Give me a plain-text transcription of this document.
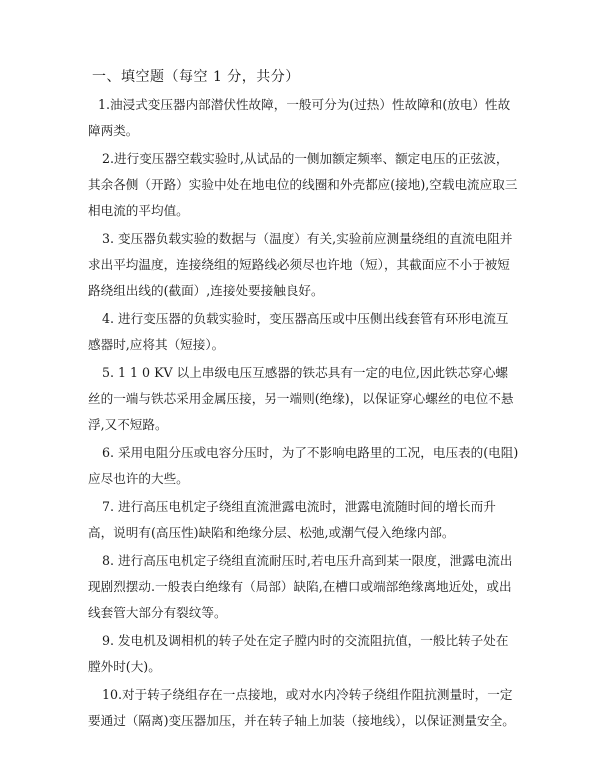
一、填空题（每空 1 分，共分）
1.油浸式变压器内部潜伏性故障，一般可分为(过热）性故障和(放电）性故障两类。
2.进行变压器空载实验时,从试品的一侧加额定频率、额定电压的正弦波，其余各侧（开路）实验中处在地电位的线圈和外壳都应(接地),空载电流应取三相电流的平均值。
3. 变压器负载实验的数据与（温度）有关,实验前应测量绕组的直流电阻并求出平均温度，连接绕组的短路线必须尽也许地（短），其截面应不小于被短路绕组出线的(截面）,连接处要接触良好。
4. 进行变压器的负载实验时，变压器高压或中压侧出线套管有环形电流互感器时,应将其（短接）。
5. 1 1 0 KV 以上串级电压互感器的铁芯具有一定的电位,因此铁芯穿心螺丝的一端与铁芯采用金属压接，另一端则(绝缘)，以保证穿心螺丝的电位不悬浮,又不短路。
6. 采用电阻分压或电容分压时，为了不影响电路里的工况，电压表的(电阻)应尽也许的大些。
7. 进行高压电机定子绕组直流泄露电流时，泄露电流随时间的增长而升高，说明有(高压性)缺陷和绝缘分层、松弛,或潮气侵入绝缘内部。
8. 进行高压电机定子绕组直流耐压时,若电压升高到某一限度，泄露电流出现剧烈摆动.一般表白绝缘有（局部）缺陷,在槽口或端部绝缘离地近处，或出线套管大部分有裂纹等。
9. 发电机及调相机的转子处在定子膛内时的交流阻抗值，一般比转子处在膛外时(大)。
10.对于转子绕组存在一点接地，或对水内冷转子绕组作阻抗测量时，一定要通过（隔离)变压器加压，并在转子轴上加装（接地线），以保证测量安全。
